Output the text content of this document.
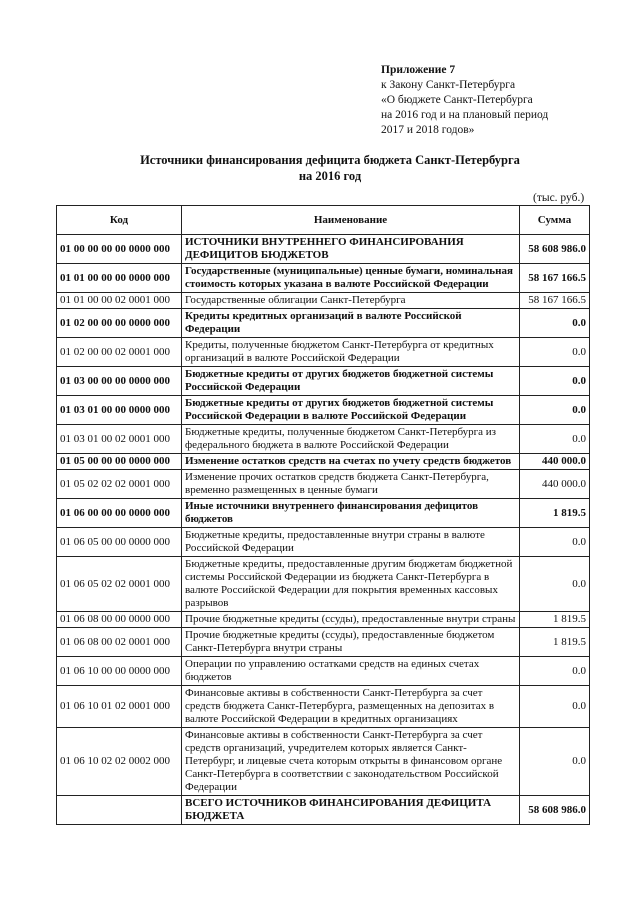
Приложение 7
к Закону Санкт-Петербурга
«О бюджете Санкт-Петербурга
на 2016 год и на плановый период
2017 и 2018 годов»
Источники финансирования дефицита бюджета Санкт-Петербурга
на 2016 год
(тыс. руб.)
Код	Наименование	Сумма
01 00 00 00 00 0000 000	ИСТОЧНИКИ ВНУТРЕННЕГО ФИНАНСИРОВАНИЯ ДЕФИЦИТОВ БЮДЖЕТОВ	58 608 986.0
01 01 00 00 00 0000 000	Государственные (муниципальные) ценные бумаги, номинальная стоимость которых указана в валюте Российской Федерации	58 167 166.5
01 01 00 00 02 0001 000	Государственные облигации Санкт-Петербурга	58 167 166.5
01 02 00 00 00 0000 000	Кредиты кредитных организаций в валюте Российской Федерации	0.0
01 02 00 00 02 0001 000	Кредиты, полученные бюджетом Санкт-Петербурга от кредитных организаций в валюте Российской Федерации	0.0
01 03 00 00 00 0000 000	Бюджетные кредиты от других бюджетов бюджетной системы Российской Федерации	0.0
01 03 01 00 00 0000 000	Бюджетные кредиты от других бюджетов бюджетной системы Российской Федерации в валюте Российской Федерации	0.0
01 03 01 00 02 0001 000	Бюджетные кредиты, полученные бюджетом Санкт-Петербурга из федерального бюджета в валюте Российской Федерации	0.0
01 05 00 00 00 0000 000	Изменение остатков средств на счетах по учету средств бюджетов	440 000.0
01 05 02 02 02 0001 000	Изменение прочих остатков средств бюджета Санкт-Петербурга, временно размещенных в ценные бумаги	440 000.0
01 06 00 00 00 0000 000	Иные источники внутреннего финансирования дефицитов бюджетов	1 819.5
01 06 05 00 00 0000 000	Бюджетные кредиты, предоставленные внутри страны в валюте Российской Федерации	0.0
01 06 05 02 02 0001 000	Бюджетные кредиты, предоставленные другим бюджетам бюджетной системы Российской Федерации из бюджета Санкт-Петербурга в валюте Российской Федерации для покрытия временных кассовых разрывов	0.0
01 06 08 00 00 0000 000	Прочие бюджетные кредиты (ссуды), предоставленные внутри страны	1 819.5
01 06 08 00 02 0001 000	Прочие бюджетные кредиты (ссуды), предоставленные бюджетом Санкт-Петербурга внутри страны	1 819.5
01 06 10 00 00 0000 000	Операции по управлению остатками средств на единых счетах бюджетов	0.0
01 06 10 01 02 0001 000	Финансовые активы в собственности Санкт-Петербурга за счет средств бюджета Санкт-Петербурга, размещенных на депозитах в валюте Российской Федерации в кредитных организациях	0.0
01 06 10 02 02 0002 000	Финансовые активы в собственности Санкт-Петербурга за счет средств организаций, учредителем которых является Санкт-Петербург, и лицевые счета которым открыты в финансовом органе Санкт-Петербурга в соответствии с законодательством Российской Федерации	0.0
	ВСЕГО ИСТОЧНИКОВ ФИНАНСИРОВАНИЯ ДЕФИЦИТА БЮДЖЕТА	58 608 986.0
